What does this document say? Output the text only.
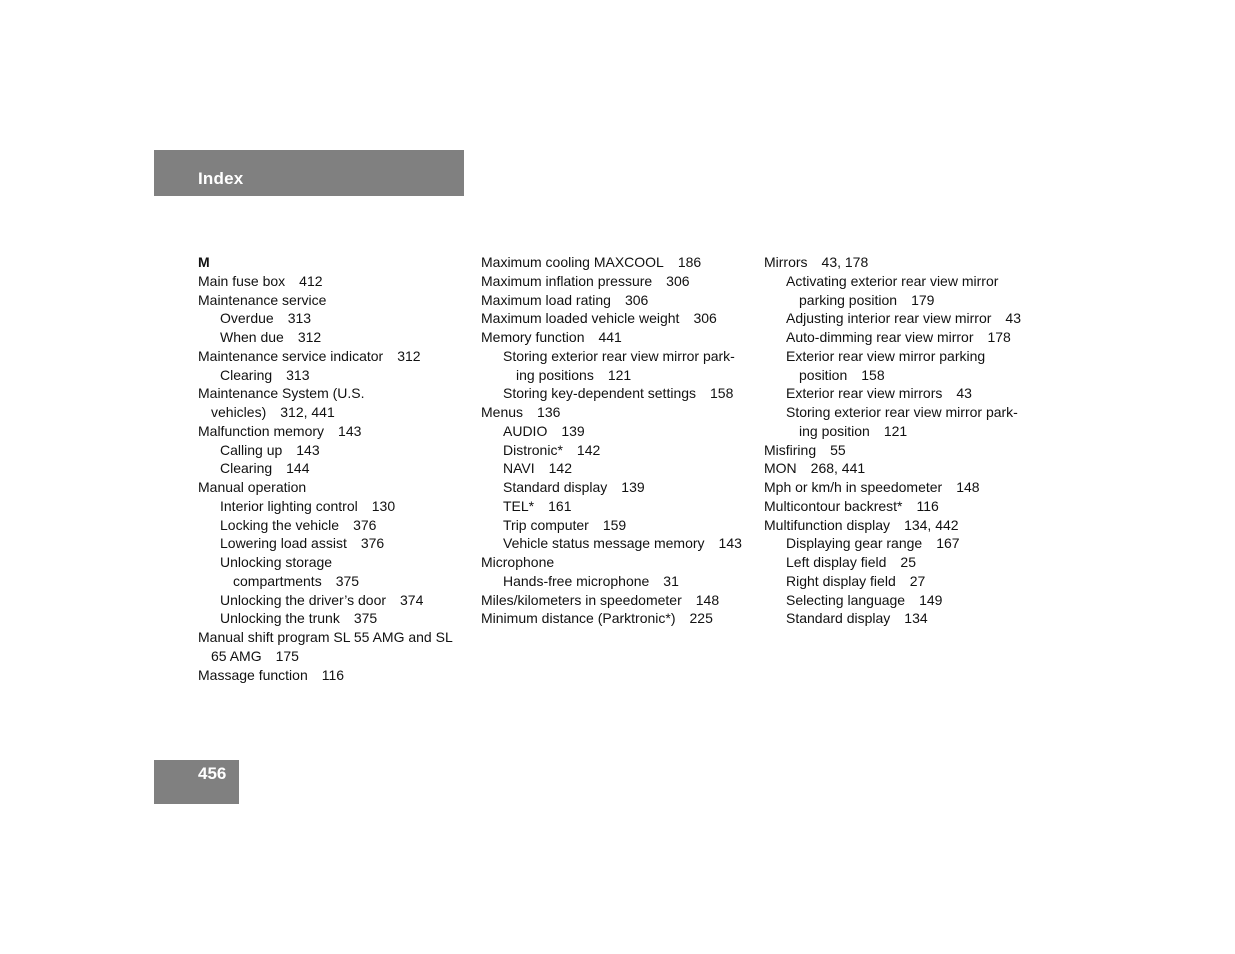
Index
M
Main fuse box 412
Maintenance service
Overdue 313
When due 312
Maintenance service indicator 312
Clearing 313
Maintenance System (U.S.
vehicles) 312, 441
Malfunction memory 143
Calling up 143
Clearing 144
Manual operation
Interior lighting control 130
Locking the vehicle 376
Lowering load assist 376
Unlocking storage
compartments 375
Unlocking the driver’s door 374
Unlocking the trunk 375
Manual shift program SL 55 AMG and SL
65 AMG 175
Massage function 116
Maximum cooling MAXCOOL 186
Maximum inflation pressure 306
Maximum load rating 306
Maximum loaded vehicle weight 306
Memory function 441
Storing exterior rear view mirror park-
ing positions 121
Storing key-dependent settings 158
Menus 136
AUDIO 139
Distronic* 142
NAVI 142
Standard display 139
TEL* 161
Trip computer 159
Vehicle status message memory 143
Microphone
Hands-free microphone 31
Miles/kilometers in speedometer 148
Minimum distance (Parktronic*) 225
Mirrors 43, 178
Activating exterior rear view mirror
parking position 179
Adjusting interior rear view mirror 43
Auto-dimming rear view mirror 178
Exterior rear view mirror parking
position 158
Exterior rear view mirrors 43
Storing exterior rear view mirror park-
ing position 121
Misfiring 55
MON 268, 441
Mph or km/h in speedometer 148
Multicontour backrest* 116
Multifunction display 134, 442
Displaying gear range 167
Left display field 25
Right display field 27
Selecting language 149
Standard display 134
456
